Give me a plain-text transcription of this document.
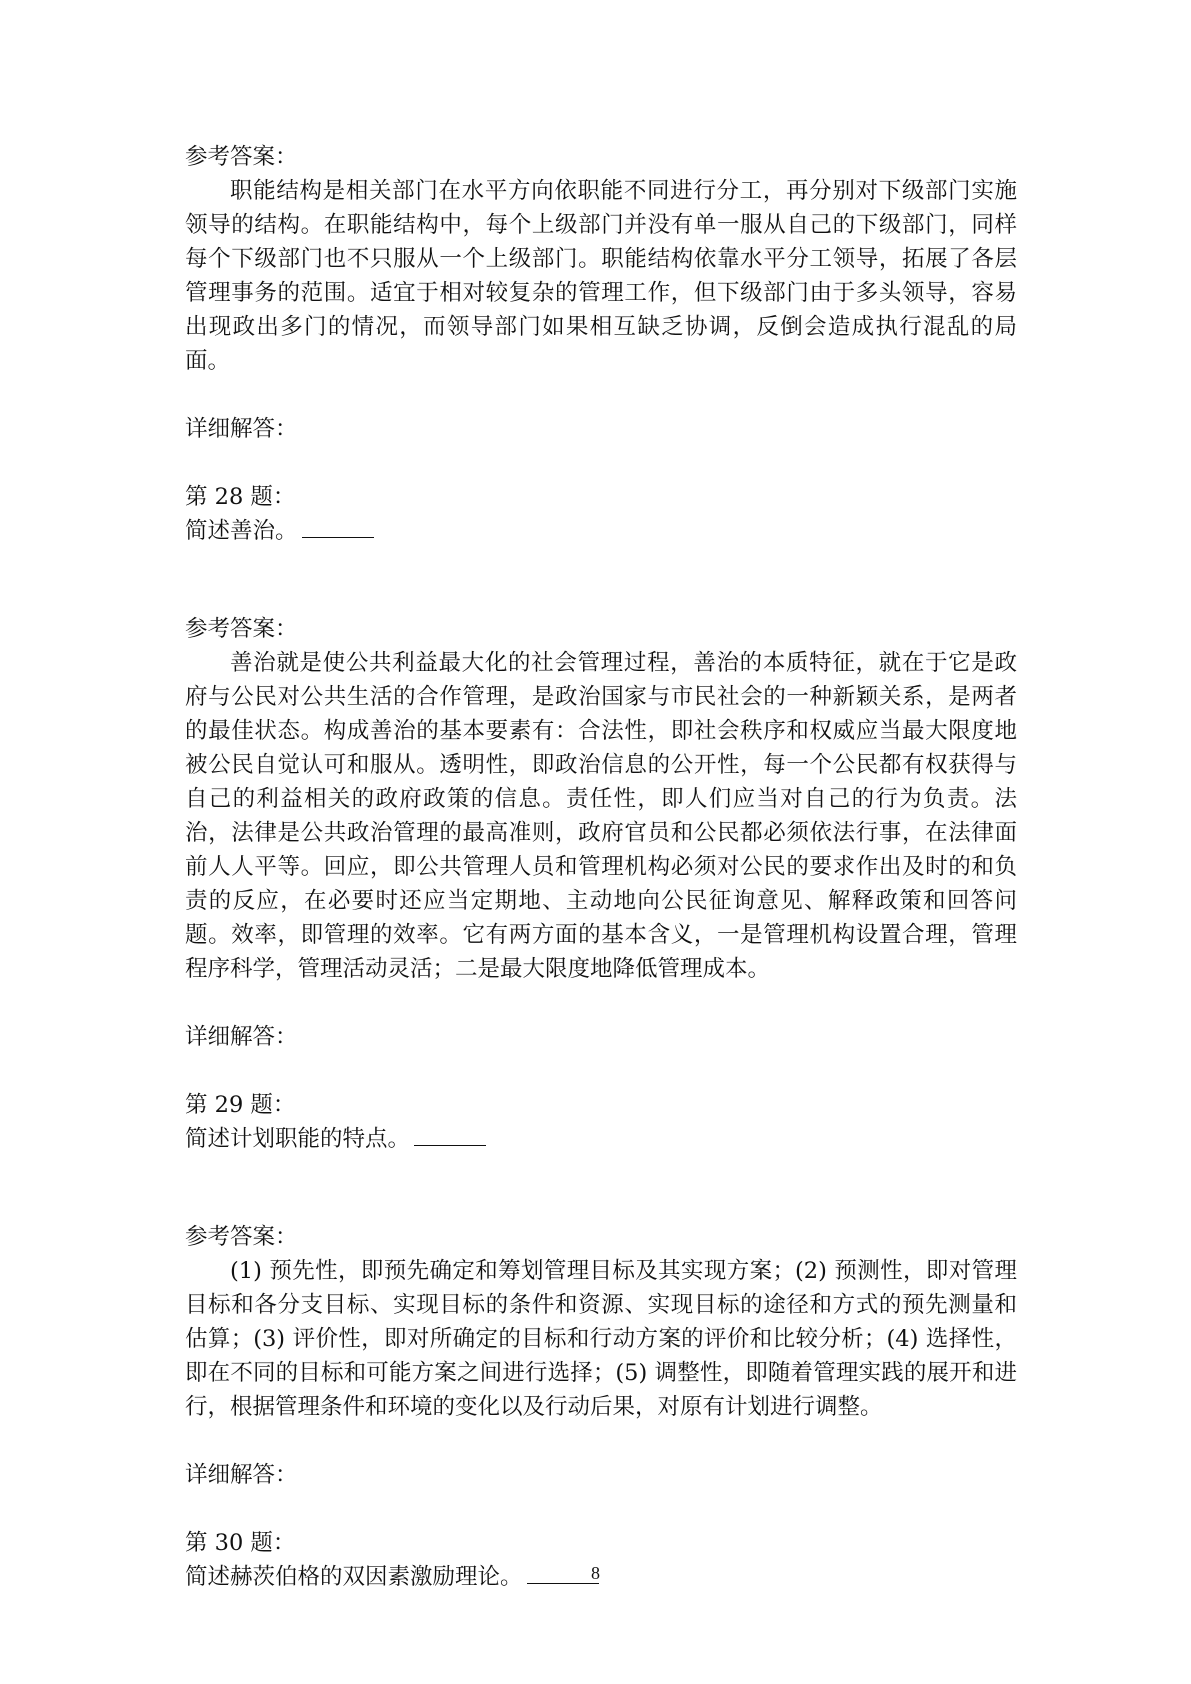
参考答案：

职能结构是相关部门在水平方向依职能不同进行分工，再分别对下级部门实施领导的结构。在职能结构中，每个上级部门并没有单一服从自己的下级部门，同样每个下级部门也不只服从一个上级部门。职能结构依靠水平分工领导，拓展了各层管理事务的范围。适宜于相对较复杂的管理工作，但下级部门由于多头领导，容易出现政出多门的情况，而领导部门如果相互缺乏协调，反倒会造成执行混乱的局面。

详细解答：
第 28 题：
简述善治。
参考答案：

善治就是使公共利益最大化的社会管理过程，善治的本质特征，就在于它是政府与公民对公共生活的合作管理，是政治国家与市民社会的一种新颖关系，是两者的最佳状态。构成善治的基本要素有：合法性，即社会秩序和权威应当最大限度地被公民自觉认可和服从。透明性，即政治信息的公开性，每一个公民都有权获得与自己的利益相关的政府政策的信息。责任性，即人们应当对自己的行为负责。法治，法律是公共政治管理的最高准则，政府官员和公民都必须依法行事，在法律面前人人平等。回应，即公共管理人员和管理机构必须对公民的要求作出及时的和负责的反应，在必要时还应当定期地、主动地向公民征询意见、解释政策和回答问题。效率，即管理的效率。它有两方面的基本含义，一是管理机构设置合理，管理程序科学，管理活动灵活；二是最大限度地降低管理成本。

详细解答：
第 29 题：
简述计划职能的特点。
参考答案：

(1) 预先性，即预先确定和筹划管理目标及其实现方案；(2) 预测性，即对管理目标和各分支目标、实现目标的条件和资源、实现目标的途径和方式的预先测量和估算；(3) 评价性，即对所确定的目标和行动方案的评价和比较分析；(4) 选择性，即在不同的目标和可能方案之间进行选择；(5) 调整性，即随着管理实践的展开和进行，根据管理条件和环境的变化以及行动后果，对原有计划进行调整。

详细解答：
第 30 题：
简述赫茨伯格的双因素激励理论。	8
